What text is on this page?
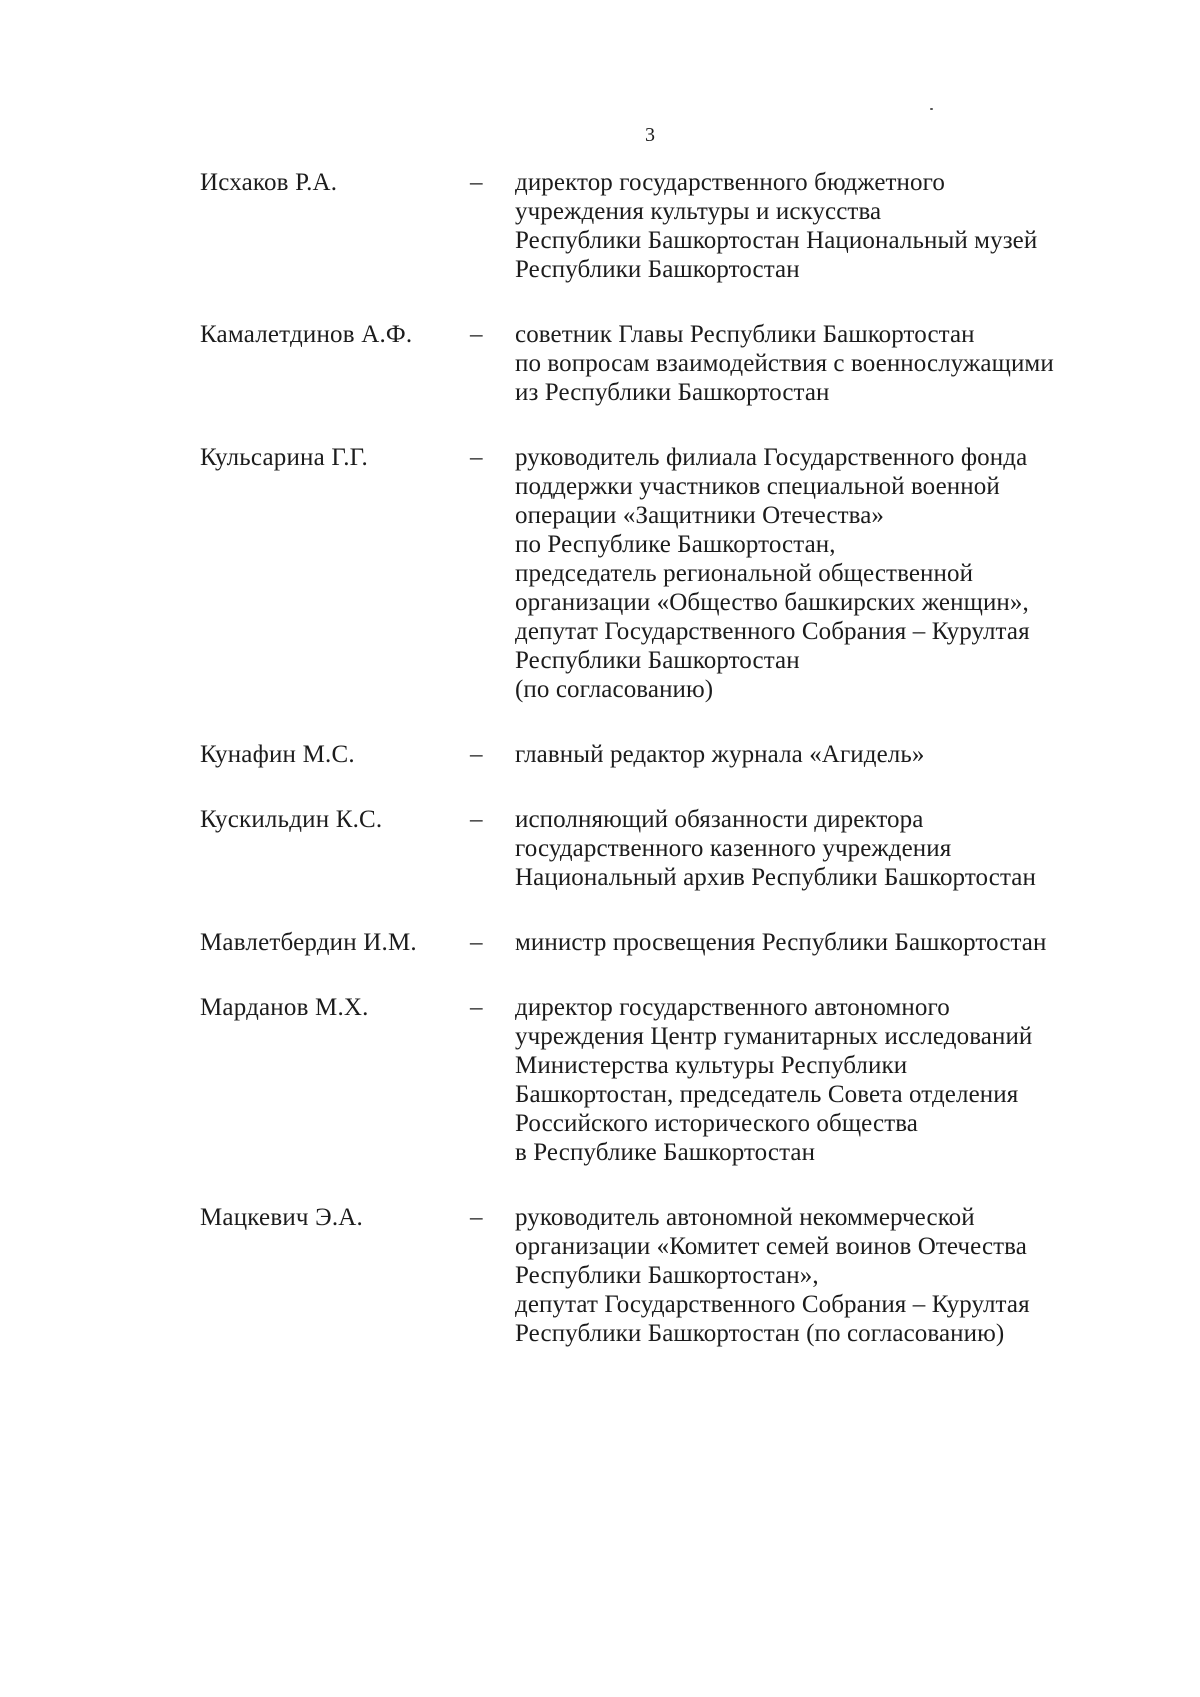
3
Исхаков Р.А.	– директор государственного бюджетного
учреждения культуры и искусства
Республики Башкортостан Национальный музей
Республики Башкортостан
Камалетдинов А.Ф. – советник Главы Республики Башкортостан
по вопросам взаимодействия с военнослужащими
из Республики Башкортостан
Кульсарина Г.Г.	– руководитель филиала Государственного фонда
поддержки участников специальной военной
операции «Защитники Отечества»
по Республике Башкортостан,
председатель региональной общественной
организации «Общество башкирских женщин»,
депутат Государственного Собрания – Курултая
Республики Башкортостан
(по согласованию)
Кунафин М.С.	– главный редактор журнала «Агидель»
Кускильдин К.С.	– исполняющий обязанности директора
государственного казенного учреждения
Национальный архив Республики Башкортостан
Мавлетбердин И.М. – министр просвещения Республики Башкортостан
Марданов М.Х.	– директор государственного автономного
учреждения Центр гуманитарных исследований
Министерства культуры Республики
Башкортостан, председатель Совета отделения
Российского исторического общества
в Республике Башкортостан
Мацкевич Э.А.	– руководитель автономной некоммерческой
организации «Комитет семей воинов Отечества
Республики Башкортостан»,
депутат Государственного Собрания – Курултая
Республики Башкортостан (по согласованию)
